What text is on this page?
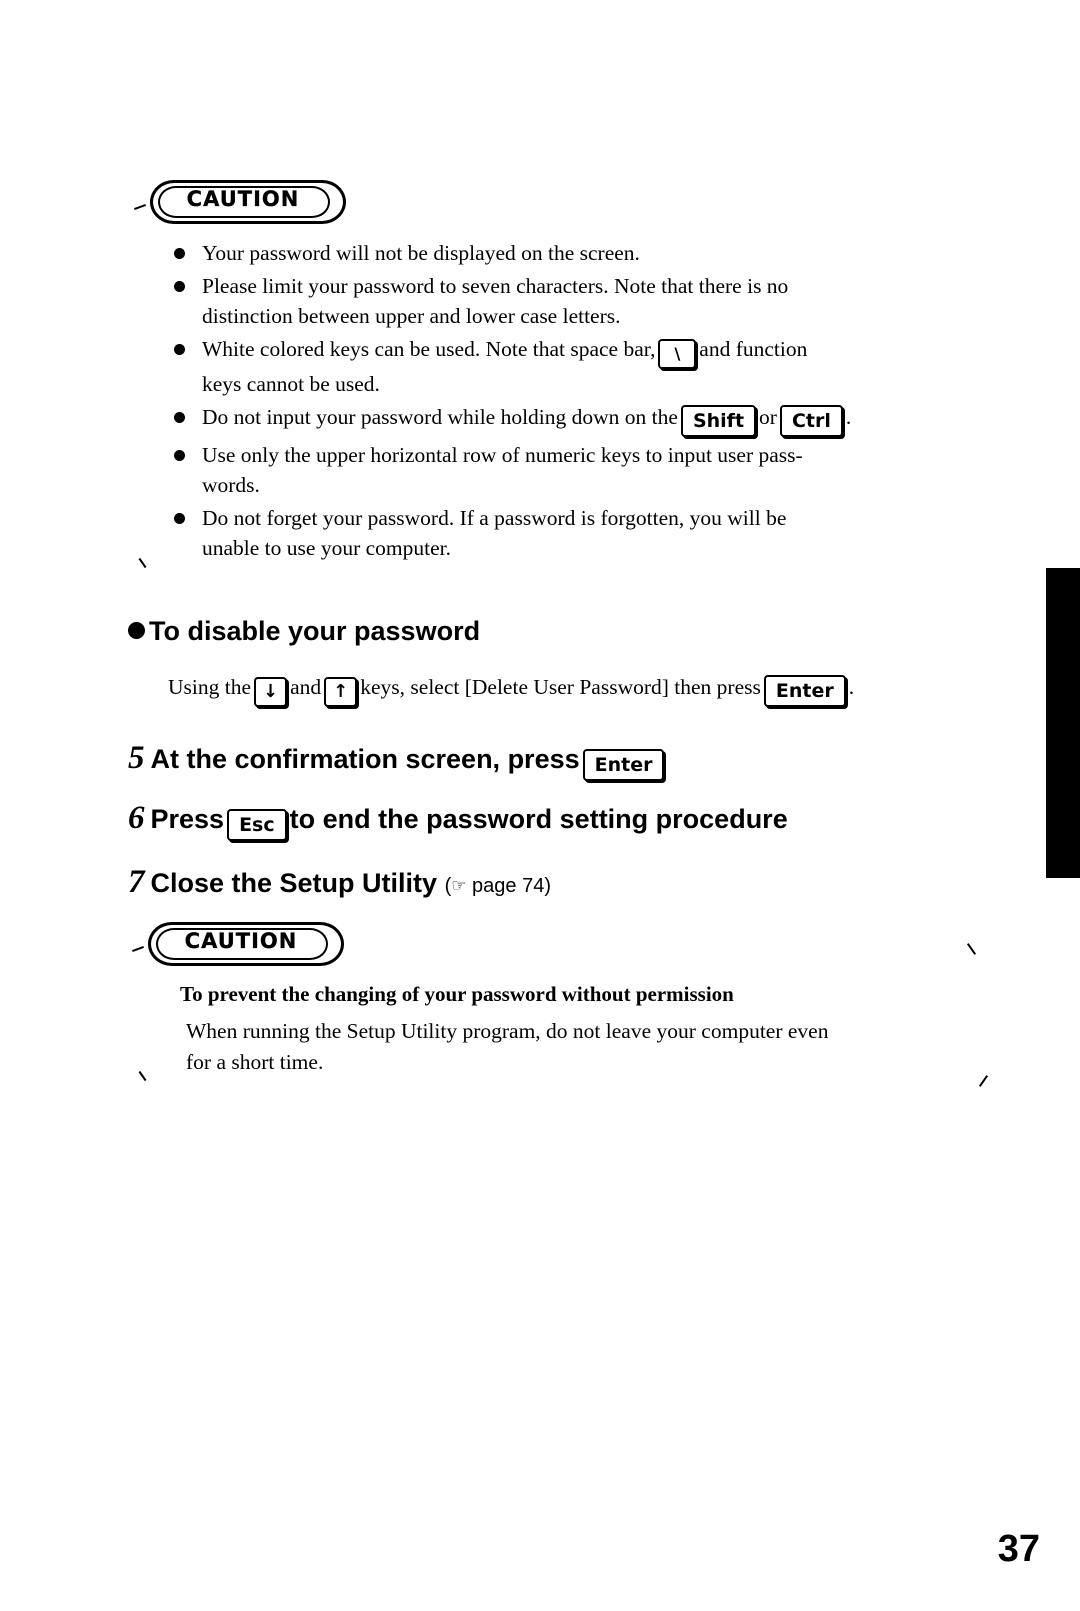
CAUTION
Your password will not be displayed on the screen.
Please limit your password to seven characters. Note that there is no
distinction between upper and lower case letters.
White colored keys can be used. Note that space bar, \ and function
keys cannot be used.
Do not input your password while holding down on the Shift or Ctrl .
Use only the upper horizontal row of numeric keys to input user pass-
words.
Do not forget your password. If a password is forgotten, you will be
unable to use your computer.
To disable your password
Using the ↓ and ↑ keys, select [Delete User Password] then press Enter .
5 At the confirmation screen, press Enter
6 Press Esc to end the password setting procedure
7 Close the Setup Utility (☞ page 74)
CAUTION
To prevent the changing of your password without permission
When running the Setup Utility program, do not leave your computer even
for a short time.
37
